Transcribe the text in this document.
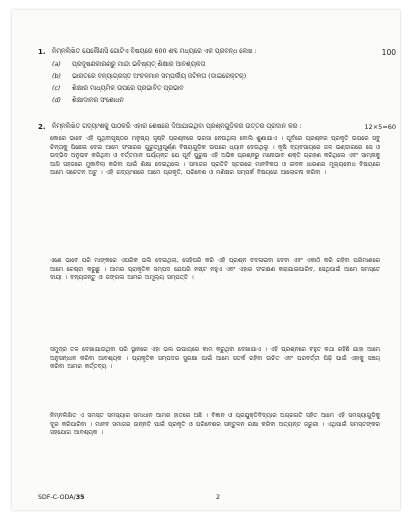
1. ନିମ୍ନଲିଖିତ ଯେକୌଣସି ଗୋଟିଏ ବିଷୟରେ 600 ଶବ୍ଦ ମଧ୍ୟରେ ଏକ ପ୍ରବନ୍ଧ ଲେଖ :	100
(a) ପ୍ରଦୂଷଣକାରଣରୁ ମାନ୍ଦା ଭବିଷ୍ୟତ୍ ଶିକ୍ଷାର ଆବଶ୍ୟକତା
(b) ଭାରତରେ ବନ୍ୟାଗ୍ରସ୍ତ ଅଂଚଳମାନ ସମ୍ପର୍କୀୟ ଜଟିଳତା (ଡାଇରେକ୍ଟର୍)
(c) ଶିକ୍ଷାର ମାଧ୍ୟମିକ ଉପରେ ପ୍ରଭାବିତ ପ୍ରଭାବ
(d) ଶିକ୍ଷାଦାନର ସଂଶୋଧନ
2. ନିମ୍ନଲିଖିତ ଗଦ୍ୟାଂଶକୁ ପାଠକରି ଏହାର ଶେଷରେ ଦିଆଯାଇଥିବା ପ୍ରଶ୍ନଗୁଡ଼ିକର ଉତ୍ତର ପ୍ରଦାନ କର :	12×5=60
କୋରେ ଭାବେ ଏହି ପୃଥିବୀପୃଷ୍ଠର ମନୁଷ୍ୟ ସୃଷ୍ଟି ପ୍ରଶ୍ନରେ ଭରସା ନେଉଥିଲା ବୋଲି ଶୁଣାଯାଏ । ପୂର୍ବରେ ପ୍ରଶ୍ନର ପ୍ରକୃତି ଉପରେ ସବୁ ଚିନ୍ତାକୁ ପିଛେଇ ଦେଇ ଆମେ ସଂସାରର ଗୁରୁତ୍ୱପୂର୍ଣ୍ଣ ବିଷୟଗୁଡ଼ିକ ଉପରେ ଧ୍ୟାନ ଦେଉଥିଲୁ । କୃଷି ବ୍ୟବସାୟରେ ଜଳ ଭଣ୍ଡାରରେ ସେ ଓ ଉଦ୍ଭିଦ ଅନୁଭବ କରିଥିବା ଓ ବର୍ତ୍ତମାନ ପର୍ଯ୍ୟନ୍ତ ଯେ ପୂର୍ବ ପୁରୁଷ ଏହି ଅଭିଜ୍ଞ ପ୍ରଶ୍ନରୁ ମନୋଭାବ ଶକ୍ତି ଗ୍ରହଣ କରିଥିଲେ ଏବଂ ସାମ୍ନାକୁ ଆସି ସହଜରେ ମୁକାବିଲା କରିବା ପାଇଁ ଶିକ୍ଷା ଦେଇଥିଲେ । ସମାଜର ପ୍ରତିଟି ସ୍ତରରେ ମାନବିକତା ଓ ଜୀବନ ଧାରଣର ମୂଲ୍ୟବୋଧ ବିଷୟରେ ଆମେ ସଚେତନ ଅଟୁ । ଏହି ଗଦ୍ୟାଂଶରେ ଆମେ ପ୍ରକୃତି, ପରିବେଶ ଓ ମଣିଷର ସମ୍ପର୍କ ବିଷୟରେ ଆଲୋଚନା କରିବା ।
ଏଣେ ଭାବେ ପରି ମାଙ୍କରେ ଏପରିକ ଭଲି ଦେଇଥିଲା, ସେହିପରି କରି ଏହି ପ୍ରଶ୍ନ ବଦଳାଇବା ଦେବା ଏବଂ ଏକାଠି କରି ରହିବା ପରିମାଣରେ ଆମେ ଚେଷ୍ଟା କରୁଛୁ । ଆମର ପ୍ରାକୃତିକ ସମ୍ପଦ ଯେପରି ନଷ୍ଟ ନହୁଏ ଏବଂ ଏହାର ସଂରକ୍ଷଣ କରାଯାଇପାରିବ, ସେଥିପାଇଁ ଆମେ ସମସ୍ତେ ଦାୟୀ । ବନ୍ୟଜନ୍ତୁ ଓ ଜଙ୍ଗଲ ଆମର ଅମୂଲ୍ୟ ସମ୍ପତ୍ତି ।
ସମୁଦ୍ର ତଳ ଦେଖାଯାଉଥିବା ପରି ସ୍ଥାନରେ ଏହା ଭଲ ଉପାୟରେ କାମ କରୁଥିବା ଦେଖାଯାଏ । ଏହି ପ୍ରଶ୍ନରେ ବହୁତ କଥା ରହିଛି ଯାହା ଆମେ ଅନୁସନ୍ଧାନ କରିବା ଆବଶ୍ୟକ । ପ୍ରାକୃତିକ ସମ୍ପଦର ସୁରକ୍ଷା ପାଇଁ ଆମେ ସତର୍କ ରହିବା ଉଚିତ ଏବଂ ପରବର୍ତ୍ତୀ ପିଢ଼ି ପାଇଁ ଏହାକୁ ସଞ୍ଚୟ କରିବା ଆମର କର୍ତ୍ତବ୍ୟ ।
ନିମ୍ନଲିଖିତ ଏ ସମସ୍ତ ସମସ୍ୟାର ସମାଧାନ ଆମର ହାତରେ ଅଛି । ବିଜ୍ଞାନ ଓ ପ୍ରଯୁକ୍ତିବିଦ୍ୟାର ଅଗ୍ରଗତି ସହିତ ଆମେ ଏହି ସମସ୍ୟାଗୁଡ଼ିକୁ ଦୂର କରିପାରିବା । ମାନବ ସମାଜର ଉନ୍ନତି ପାଇଁ ପ୍ରକୃତି ଓ ପରିବେଶର ସନ୍ତୁଳନ ରକ୍ଷା କରିବା ଅତ୍ୟନ୍ତ ଜରୁରୀ । ଏଥିପାଇଁ ସମସ୍ତଙ୍କର ସହଯୋଗ ଆବଶ୍ୟକ ।
SDF-C-ODA/35	2
